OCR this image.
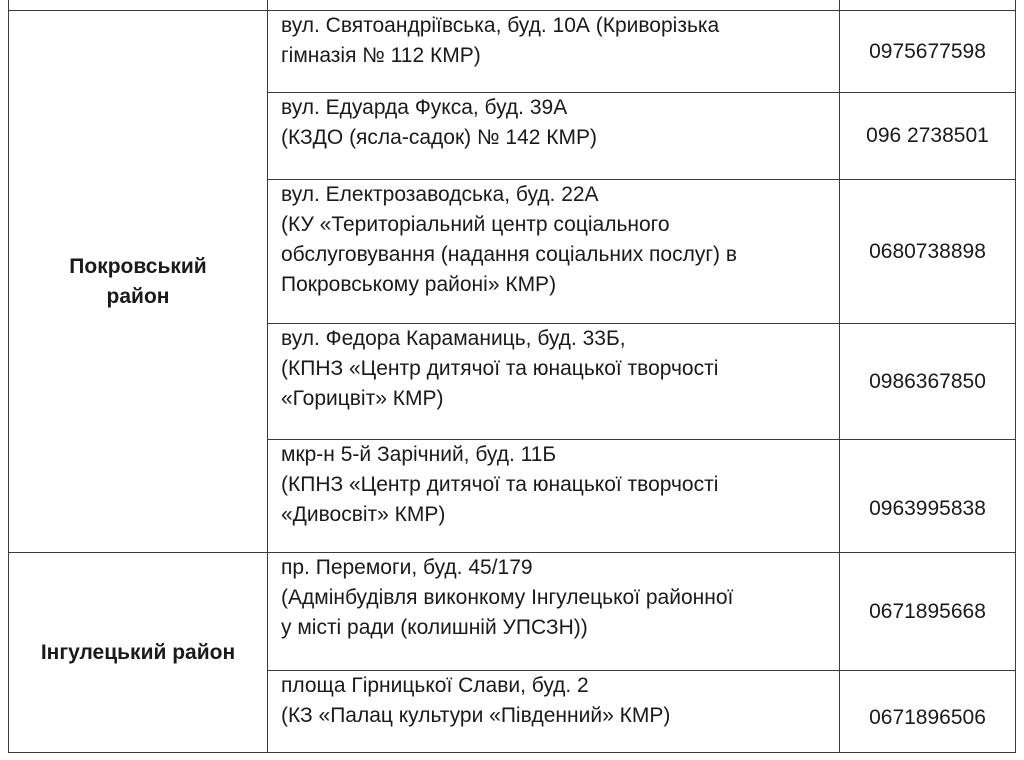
Покровський
район	вул. Святоандріївська, буд. 10А (Криворізька
гімназія № 112 КМР)	0975677598

	вул. Едуарда Фукса, буд. 39А
(КЗДО (ясла-садок) № 142 КМР)	096 2738501

	вул. Електрозаводська, буд. 22А
(КУ «Територіальний центр соціального
обслуговування (надання соціальних послуг) в
Покровському районі» КМР)	0680738898

	вул. Федора Караманиць, буд. 33Б,
(КПНЗ «Центр дитячої та юнацької творчості
«Горицвіт» КМР)	0986367850

	мкр-н 5-й Зарічний, буд. 11Б
(КПНЗ «Центр дитячої та юнацької творчості
«Дивосвіт» КМР)	0963995838

Інгулецький район	пр. Перемоги, буд. 45/179
(Адмінбудівля виконкому Інгулецької районної
у місті ради (колишній УПСЗН))	0671895668

	площа Гірницької Слави, буд. 2
(КЗ «Палац культури «Південний» КМР)	0671896506
